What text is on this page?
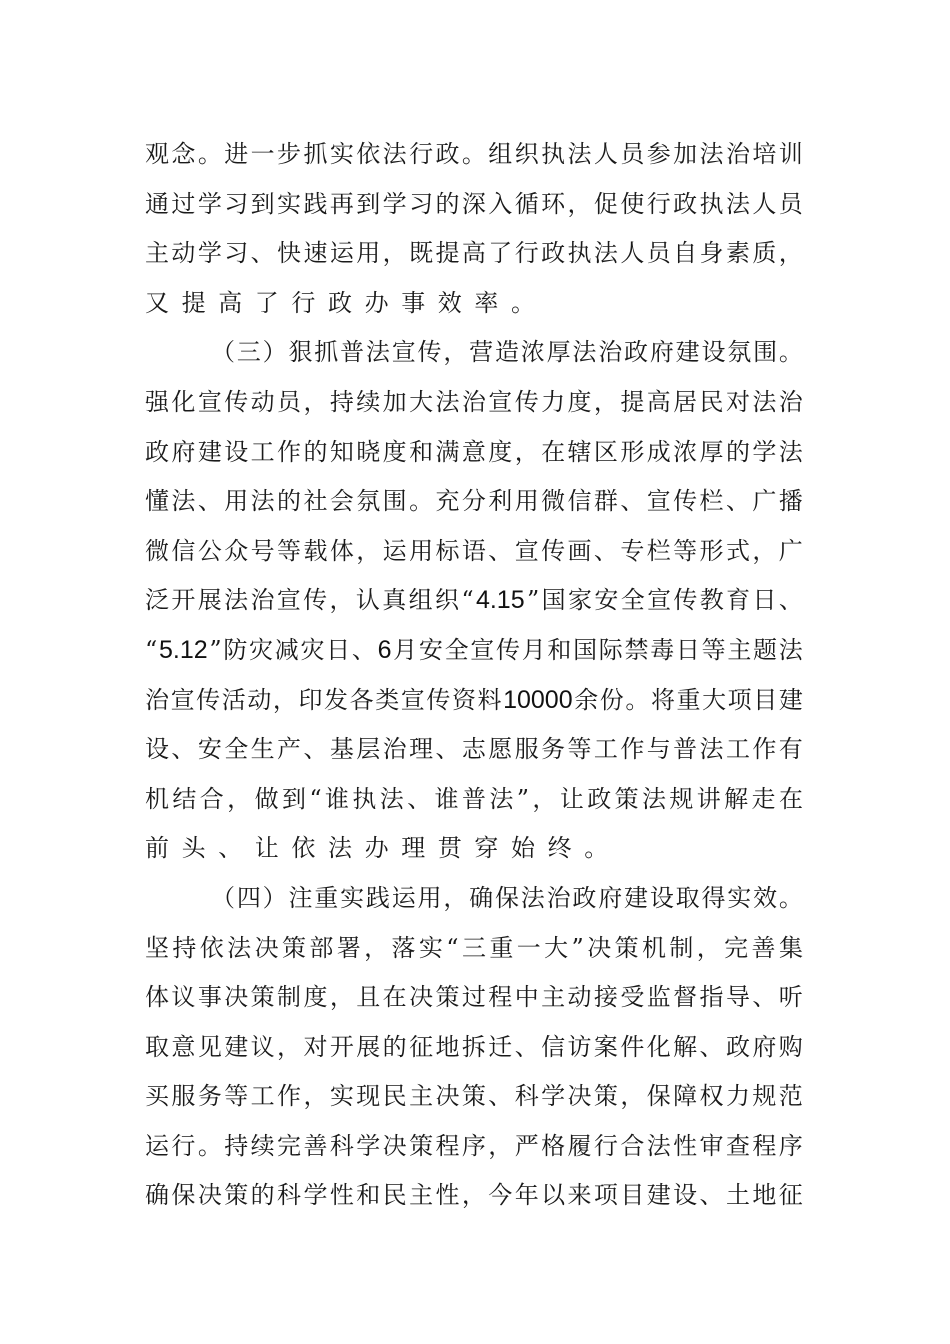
观 念 。 进 一 步 抓 实 依 法 行 政 。 组 织 执 法 人 员 参 加 法 治 培 训
通 过 学 习 到 实 践 再 到 学 习 的 深 入 循 环 ， 促 使 行 政 执 法 人 员
主 动 学 习 、 快 速 运 用 ， 既 提 高 了 行 政 执 法 人 员 自 身 素 质 ，
又提高了行政办事效率。
（ 三 ） 狠 抓 普 法 宣 传 ， 营 造 浓 厚 法 治 政 府 建 设 氛 围 。
强 化 宣 传 动 员 ， 持 续 加 大 法 治 宣 传 力 度 ， 提 高 居 民 对 法 治
政 府 建 设 工 作 的 知 晓 度 和 满 意 度 ， 在 辖 区 形 成 浓 厚 的 学 法
懂 法 、 用 法 的 社 会 氛 围 。 充 分 利 用 微 信 群 、 宣 传 栏 、 广 播
微 信 公 众 号 等 载 体 ， 运 用 标 语 、 宣 传 画 、 专 栏 等 形 式 ， 广
泛 开 展 法 治 宣 传 ， 认 真 组 织 “ 4.15 ” 国 家 安 全 宣 传 教 育 日 、
“ 5.12 ” 防 灾 减 灾 日 、 6 月 安 全 宣 传 月 和 国 际 禁 毒 日 等 主 题 法
治 宣 传 活 动 ， 印 发 各 类 宣 传 资 料 10000 余 份 。 将 重 大 项 目 建
设 、 安 全 生 产 、 基 层 治 理 、 志 愿 服 务 等 工 作 与 普 法 工 作 有
机 结 合 ， 做 到 “ 谁 执 法 、 谁 普 法 ” ， 让 政 策 法 规 讲 解 走 在
前头、让依法办理贯穿始终。
（ 四 ） 注 重 实 践 运 用 ， 确 保 法 治 政 府 建 设 取 得 实 效 。
坚 持 依 法 决 策 部 署 ， 落 实 “ 三 重 一 大 ” 决 策 机 制 ， 完 善 集
体 议 事 决 策 制 度 ， 且 在 决 策 过 程 中 主 动 接 受 监 督 指 导 、 听
取 意 见 建 议 ， 对 开 展 的 征 地 拆 迁 、 信 访 案 件 化 解 、 政 府 购
买 服 务 等 工 作 ， 实 现 民 主 决 策 、 科 学 决 策 ， 保 障 权 力 规 范
运 行 。 持 续 完 善 科 学 决 策 程 序 ， 严 格 履 行 合 法 性 审 查 程 序
确 保 决 策 的 科 学 性 和 民 主 性 ， 今 年 以 来 项 目 建 设 、 土 地 征
